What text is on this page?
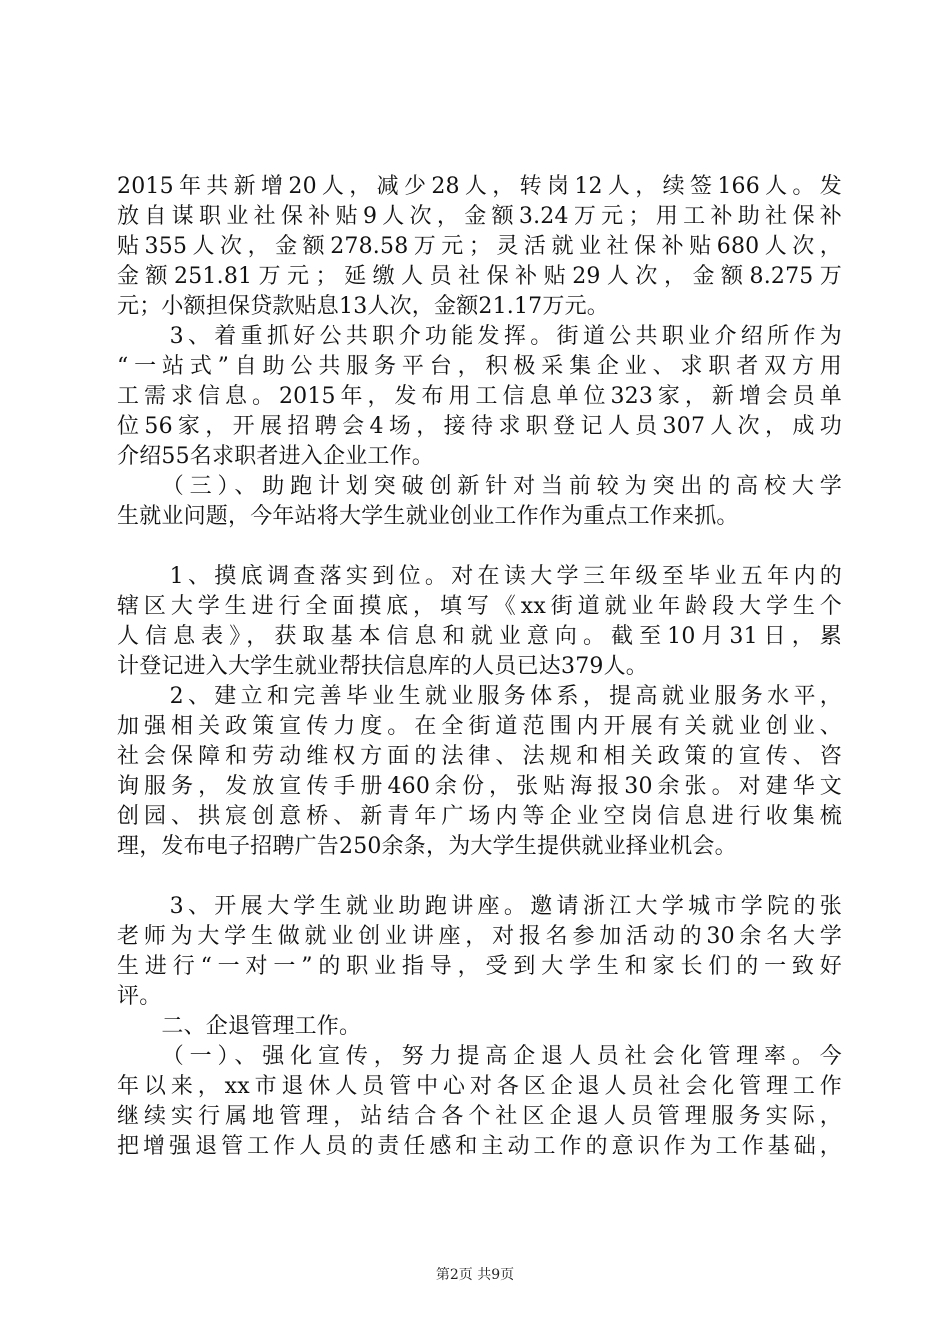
2015年共新增20人，减少28人，转岗12人，续签166人。发
放自谋职业社保补贴9人次，金额3.24万元；用工补助社保补
贴355人次，金额278.58万元；灵活就业社保补贴680人次，
金额251.81万元；延缴人员社保补贴29人次，金额8.275万
元；小额担保贷款贴息13人次，金额21.17万元。
　　3、着重抓好公共职介功能发挥。街道公共职业介绍所作为
“一站式”自助公共服务平台，积极采集企业、求职者双方用
工需求信息。2015年，发布用工信息单位323家，新增会员单
位56家，开展招聘会4场，接待求职登记人员307人次，成功
介绍55名求职者进入企业工作。
　　（三）、助跑计划突破创新针对当前较为突出的高校大学
生就业问题，今年站将大学生就业创业工作作为重点工作来抓。
　　1、摸底调查落实到位。对在读大学三年级至毕业五年内的
辖区大学生进行全面摸底，填写《xx街道就业年龄段大学生个
人信息表》，获取基本信息和就业意向。截至10月31日，累
计登记进入大学生就业帮扶信息库的人员已达379人。
　　2、建立和完善毕业生就业服务体系，提高就业服务水平，
加强相关政策宣传力度。在全街道范围内开展有关就业创业、
社会保障和劳动维权方面的法律、法规和相关政策的宣传、咨
询服务，发放宣传手册460余份，张贴海报30余张。对建华文
创园、拱宸创意桥、新青年广场内等企业空岗信息进行收集梳
理，发布电子招聘广告250余条，为大学生提供就业择业机会。
　　3、开展大学生就业助跑讲座。邀请浙江大学城市学院的张
老师为大学生做就业创业讲座，对报名参加活动的30余名大学
生进行“一对一”的职业指导，受到大学生和家长们的一致好
评。
　　二、企退管理工作。
　　（一）、强化宣传，努力提高企退人员社会化管理率。今
年以来，xx市退休人员管中心对各区企退人员社会化管理工作
继续实行属地管理，站结合各个社区企退人员管理服务实际，
把增强退管工作人员的责任感和主动工作的意识作为工作基础，
第2页 共9页
